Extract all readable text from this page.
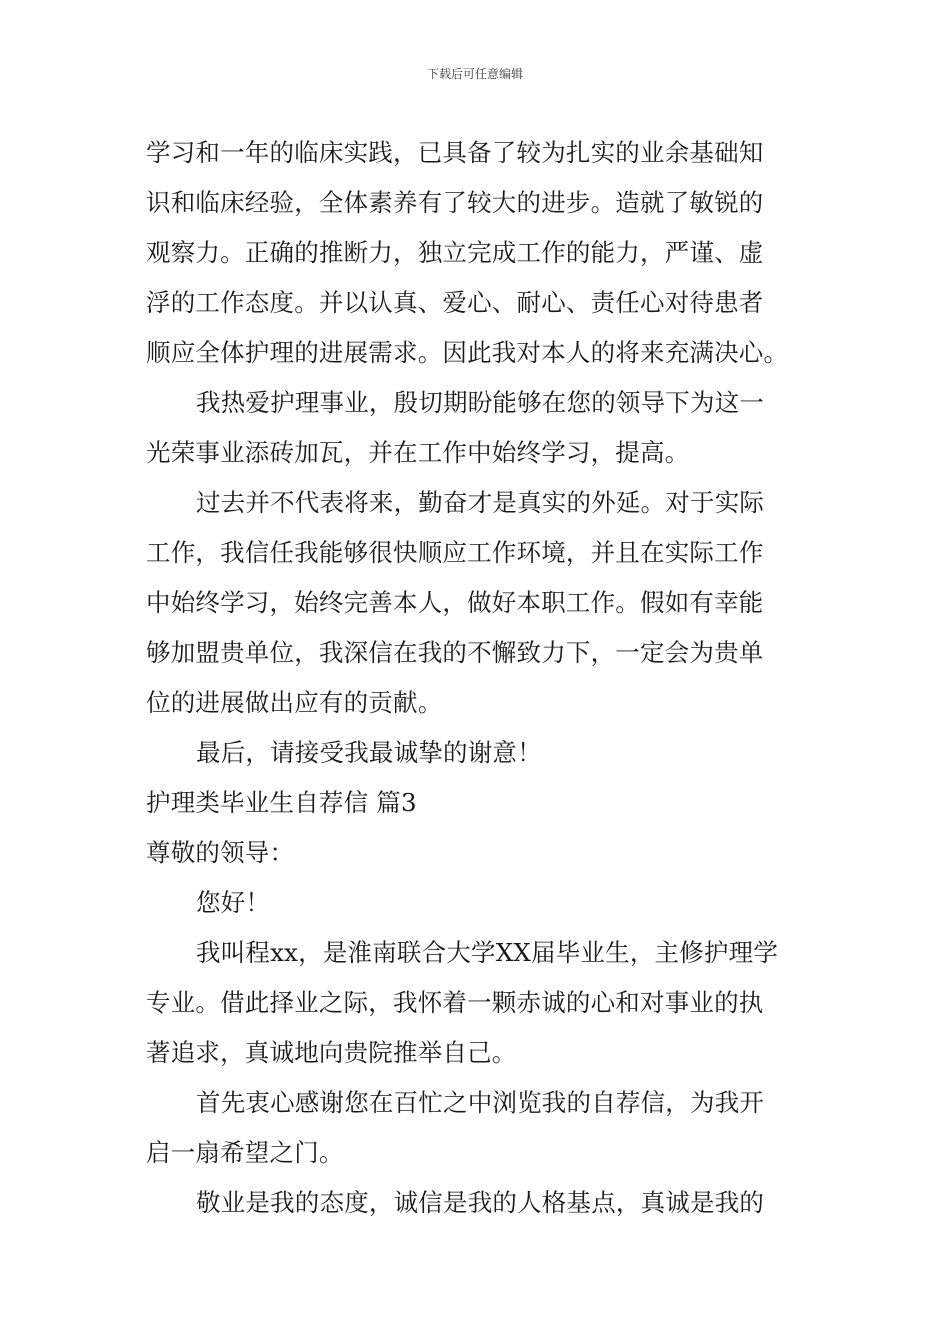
下载后可任意编辑
学习和一年的临床实践，已具备了较为扎实的业余基础知
识和临床经验，全体素养有了较大的进步。造就了敏锐的
观察力。正确的推断力，独立完成工作的能力，严谨、虚
浮的工作态度。并以认真、爱心、耐心、责任心对待患者
顺应全体护理的进展需求。因此我对本人的将来充满决心。
我热爱护理事业，殷切期盼能够在您的领导下为这一
光荣事业添砖加瓦，并在工作中始终学习，提高。
过去并不代表将来，勤奋才是真实的外延。对于实际
工作，我信任我能够很快顺应工作环境，并且在实际工作
中始终学习，始终完善本人，做好本职工作。假如有幸能
够加盟贵单位，我深信在我的不懈致力下，一定会为贵单
位的进展做出应有的贡献。
最后，请接受我最诚挚的谢意！
护理类毕业生自荐信 篇3
尊敬的领导：
您好！
我叫程xx，是淮南联合大学XX届毕业生，主修护理学
专业。借此择业之际，我怀着一颗赤诚的心和对事业的执
著追求，真诚地向贵院推举自己。
首先衷心感谢您在百忙之中浏览我的自荐信，为我开
启一扇希望之门。
敬业是我的态度，诚信是我的人格基点，真诚是我的
